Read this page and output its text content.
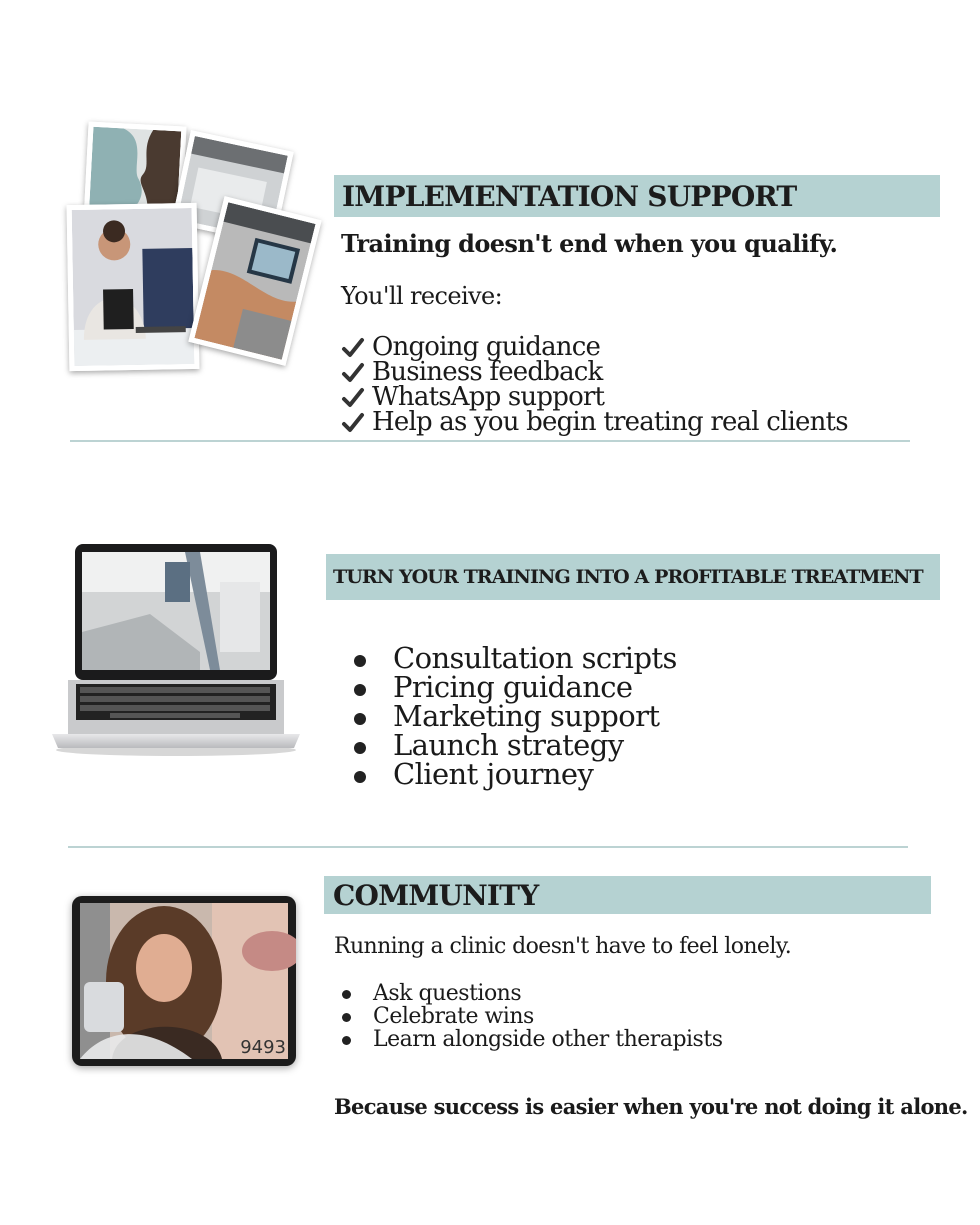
IMPLEMENTATION SUPPORT
Training doesn't end when you qualify.
You'll receive:
Ongoing guidance
Business feedback
WhatsApp support
Help as you begin treating real clients
TURN YOUR TRAINING INTO A PROFITABLE TREATMENT
Consultation scripts
Pricing guidance
Marketing support
Launch strategy
Client journey
9493
COMMUNITY
Running a clinic doesn't have to feel lonely.
Ask questions
Celebrate wins
Learn alongside other therapists
Because success is easier when you're not doing it alone.
